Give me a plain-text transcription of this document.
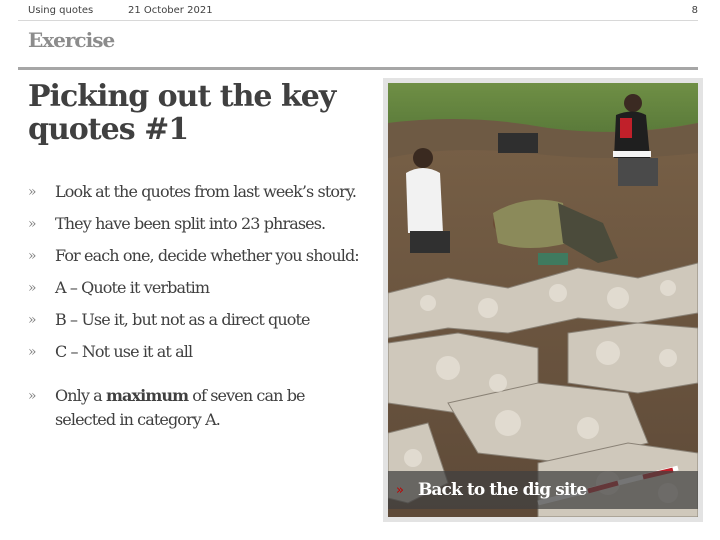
Using quotes	21 October 2021	8
Exercise
Picking out the key quotes #1
» Look at the quotes from last week’s story.
» They have been split into 23 phrases.
» For each one, decide whether you should:
» A – Quote it verbatim
» B – Use it, but not as a direct quote
» C – Not use it at all
» Only a maximum of seven can be selected in category A.
» Back to the dig site
